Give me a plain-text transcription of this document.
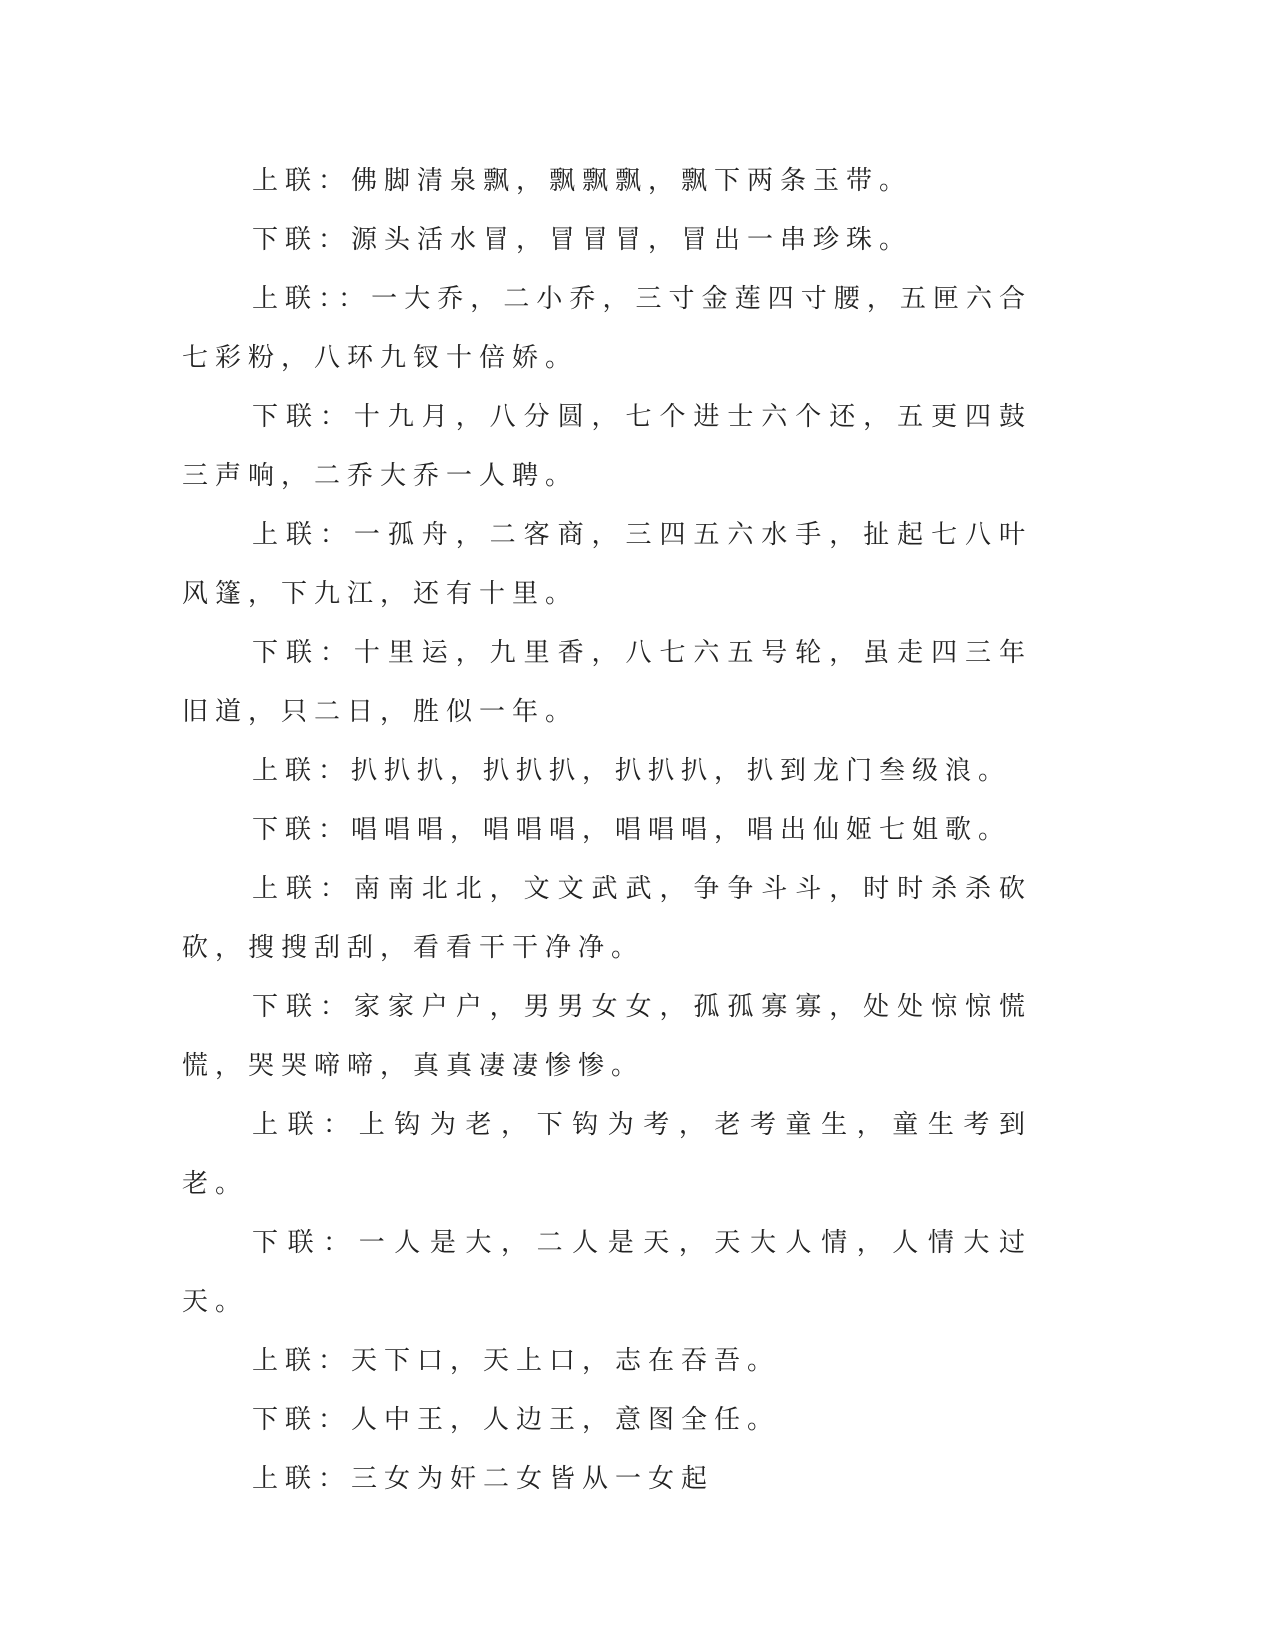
上联：佛脚清泉飘，飘飘飘，飘下两条玉带。

下联：源头活水冒，冒冒冒，冒出一串珍珠。

上联：：一大乔，二小乔，三寸金莲四寸腰，五匣六合七彩粉，八环九钗十倍娇。

下联：十九月，八分圆，七个进士六个还，五更四鼓三声响，二乔大乔一人聘。

上联：一孤舟，二客商，三四五六水手，扯起七八叶风篷，下九江，还有十里。

下联：十里运，九里香，八七六五号轮，虽走四三年旧道，只二日，胜似一年。

上联：扒扒扒，扒扒扒，扒扒扒，扒到龙门叁级浪。

下联：唱唱唱，唱唱唱，唱唱唱，唱出仙姬七姐歌。

上联：南南北北，文文武武，争争斗斗，时时杀杀砍砍，搜搜刮刮，看看干干净净。

下联：家家户户，男男女女，孤孤寡寡，处处惊惊慌慌，哭哭啼啼，真真凄凄惨惨。

上联：上钩为老，下钩为考，老考童生，童生考到老。

下联：一人是大，二人是天，天大人情，人情大过天。

上联：天下口，天上口，志在吞吾。

下联：人中王，人边王，意图全任。

上联：三女为奸二女皆从一女起
